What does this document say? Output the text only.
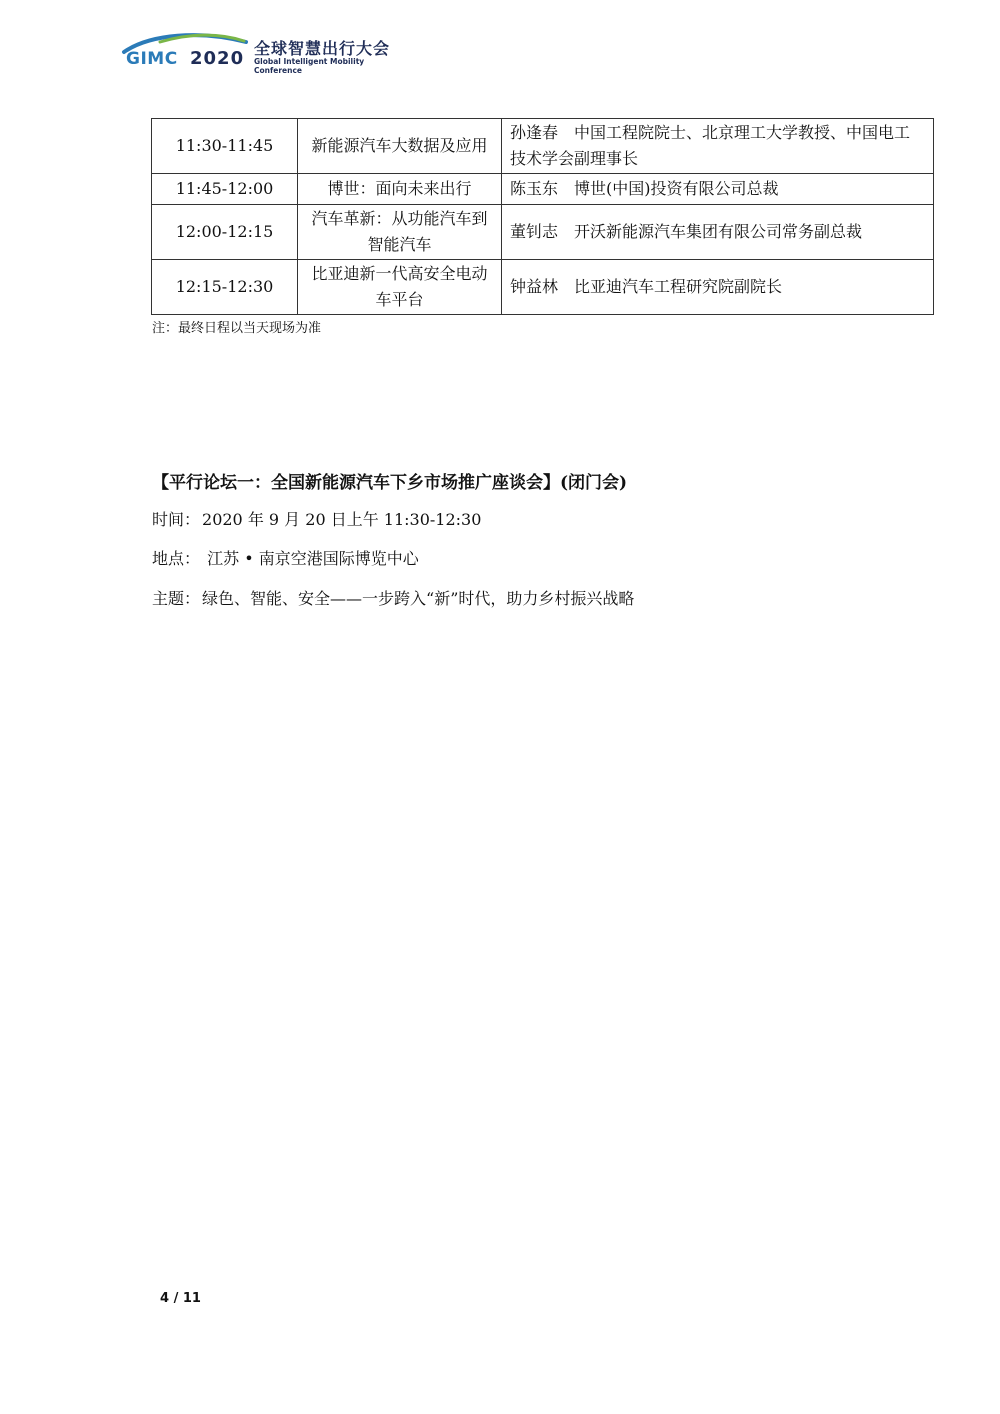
GIMC 2020 全球智慧出行大会
Global Intelligent Mobility Conference
11:30-11:45	新能源汽车大数据及应用	孙逢春 中国工程院院士、北京理工大学教授、中国电工技术学会副理事长
11:45-12:00	博世：面向未来出行	陈玉东 博世(中国)投资有限公司总裁
12:00-12:15	汽车革新：从功能汽车到智能汽车	董钊志 开沃新能源汽车集团有限公司常务副总裁
12:15-12:30	比亚迪新一代高安全电动车平台	钟益林 比亚迪汽车工程研究院副院长
注：最终日程以当天现场为准
【平行论坛一：全国新能源汽车下乡市场推广座谈会】(闭门会)
时间： 2020 年 9 月 20 日上午 11:30-12:30
地点： 江苏 • 南京空港国际博览中心
主题： 绿色、智能、安全——一步跨入“新”时代，助力乡村振兴战略
4 / 11
